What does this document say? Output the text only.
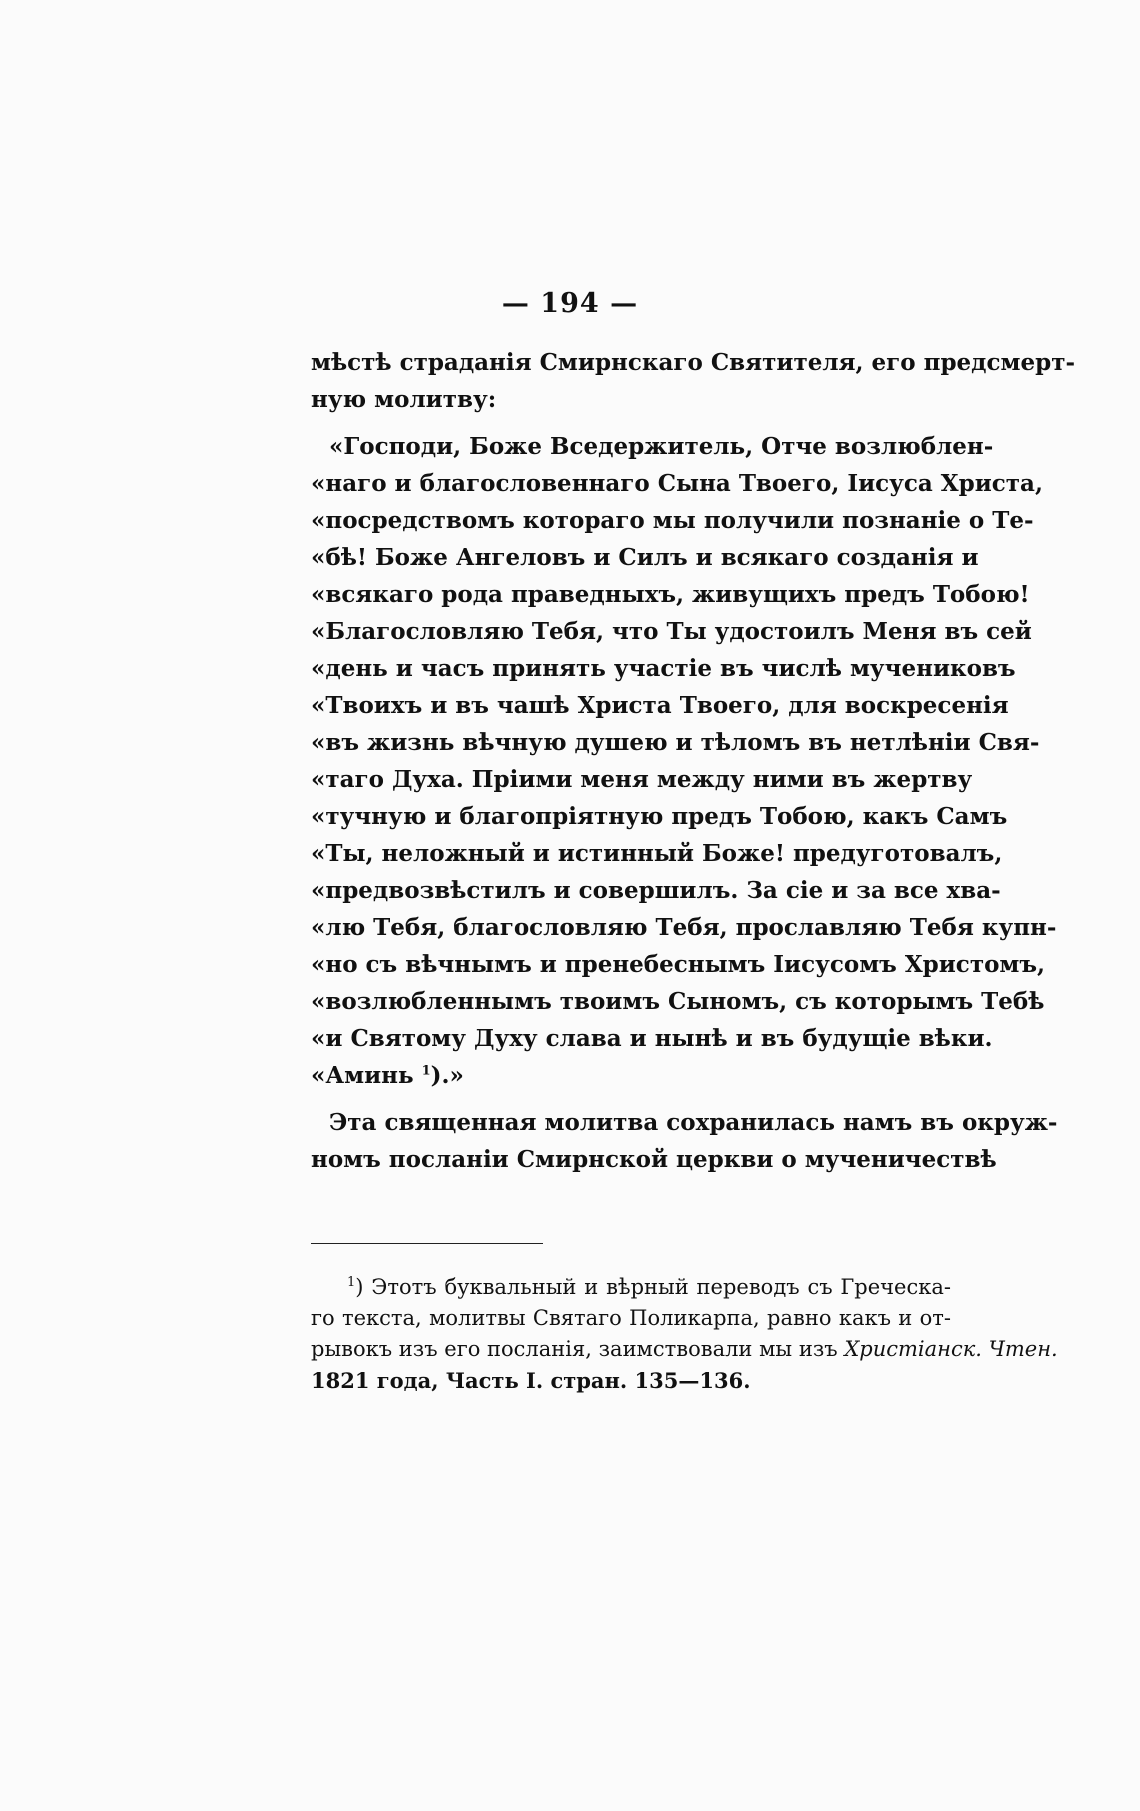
— 194 —
мѣстѣ страданія Смирнскаго Святителя, его предсмерт-
ную молитву:
«Господи, Боже Вседержитель, Отче возлюблен-
«наго и благословеннаго Сына Твоего, Іисуса Христа,
«посредствомъ котораго мы получили познаніе о Те-
«бѣ! Боже Ангеловъ и Силъ и всякаго созданія и
«всякаго рода праведныхъ, живущихъ предъ Тобою!
«Благословляю Тебя, что Ты удостоилъ Меня въ сей
«день и часъ принять участіе въ числѣ мучениковъ
«Твоихъ и въ чашѣ Христа Твоего, для воскресенія
«въ жизнь вѣчную душею и тѣломъ въ нетлѣніи Свя-
«таго Духа. Пріими меня между ними въ жертву
«тучную и благопріятную предъ Тобою, какъ Самъ
«Ты, неложный и истинный Боже! предуготовалъ,
«предвозвѣстилъ и совершилъ. За сіе и за все хва-
«лю Тебя, благословляю Тебя, прославляю Тебя купн-
«но съ вѣчнымъ и пренебеснымъ Іисусомъ Христомъ,
«возлюбленнымъ твоимъ Сыномъ, съ которымъ Тебѣ
«и Святому Духу слава и нынѣ и въ будущіе вѣки.
«Аминь $^1$).»
Эта священная молитва сохранилась намъ въ окруж-
номъ посланіи Смирнской церкви о мученичествѣ
$^1$) Этотъ буквальный и вѣрный переводъ съ Греческа-
го текста, молитвы Святаго Поликарпа, равно какъ и от-
рывокъ изъ его посланія, заимствовали мы изъ Христіанск. Чтен.
1821 года, Часть I. стран. 135—136.
